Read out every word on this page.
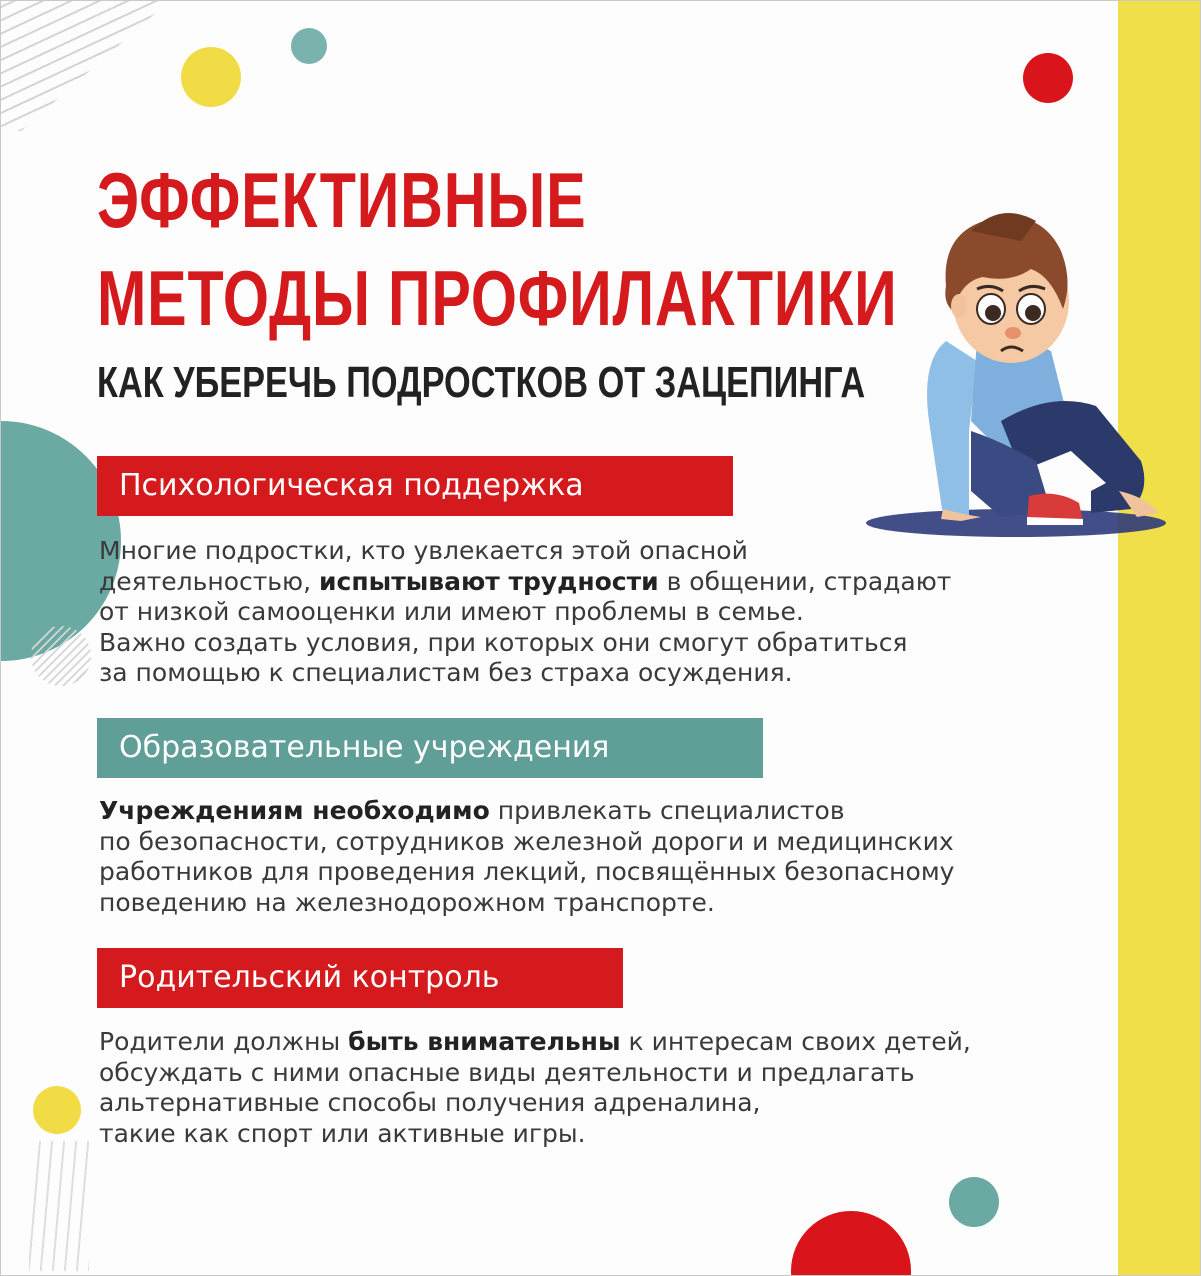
ЭФФЕКТИВНЫЕ
МЕТОДЫ ПРОФИЛАКТИКИ
КАК УБЕРЕЧЬ ПОДРОСТКОВ ОТ ЗАЦЕПИНГА
Психологическая поддержка
Многие подростки, кто увлекается этой опасной
деятельностью, испытывают трудности в общении, страдают
от низкой самооценки или имеют проблемы в семье.
Важно создать условия, при которых они смогут обратиться
за помощью к специалистам без страха осуждения.
Образовательные учреждения
Учреждениям необходимо привлекать специалистов
по безопасности, сотрудников железной дороги и медицинских
работников для проведения лекций, посвящённых безопасному
поведению на железнодорожном транспорте.
Родительский контроль
Родители должны быть внимательны к интересам своих детей,
обсуждать с ними опасные виды деятельности и предлагать
альтернативные способы получения адреналина,
такие как спорт или активные игры.
